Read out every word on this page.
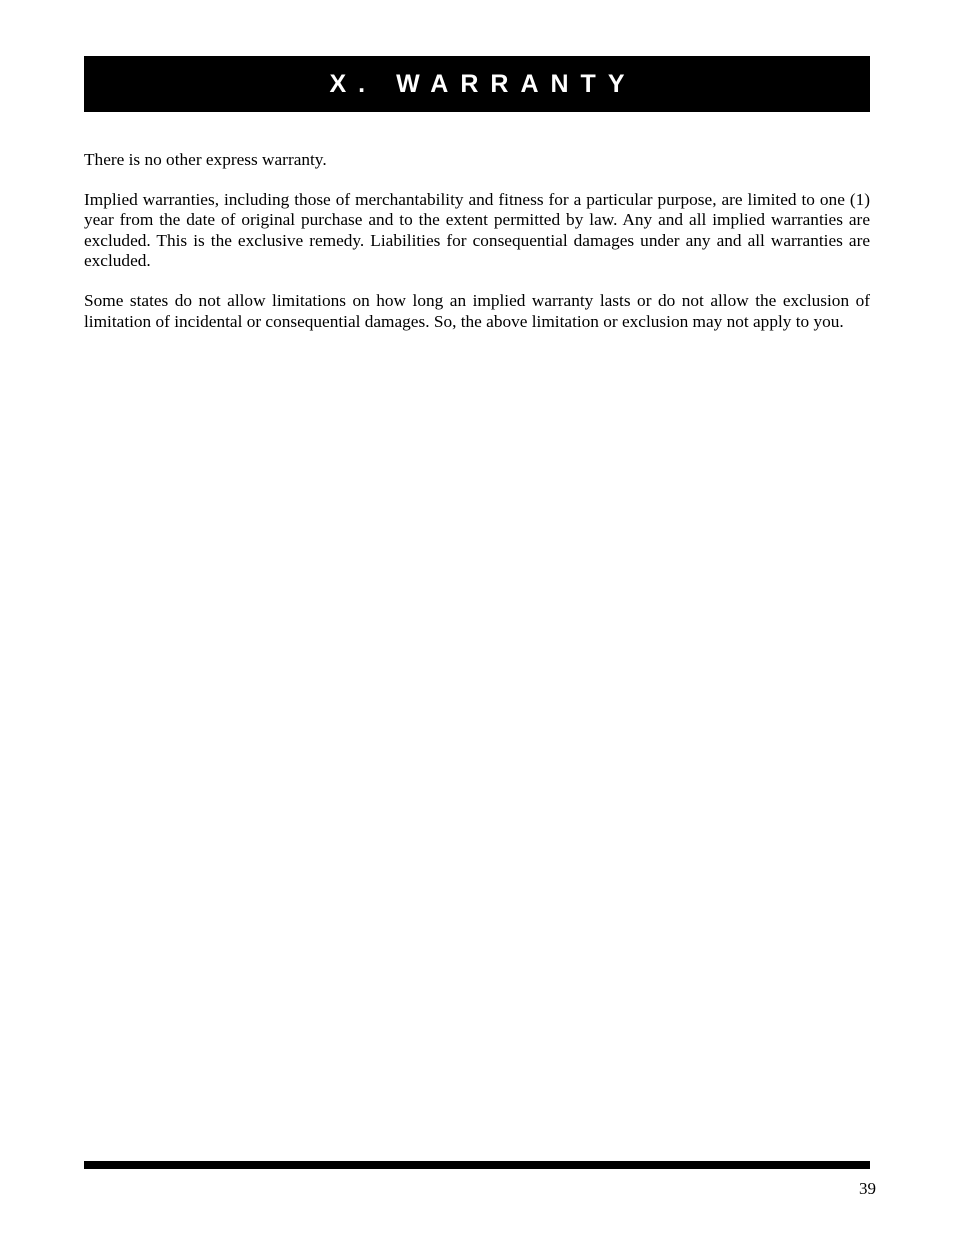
X. WARRANTY

There is no other express warranty.

Implied warranties, including those of merchantability and fitness for a particular purpose, are limited to one (1) year from the date of original purchase and to the extent permitted by law. Any and all implied warranties are excluded. This is the exclusive remedy. Liabilities for consequential damages under any and all warranties are excluded.

Some states do not allow limitations on how long an implied warranty lasts or do not allow the exclusion of limitation of incidental or consequential damages. So, the above limitation or exclusion may not apply to you.

39
